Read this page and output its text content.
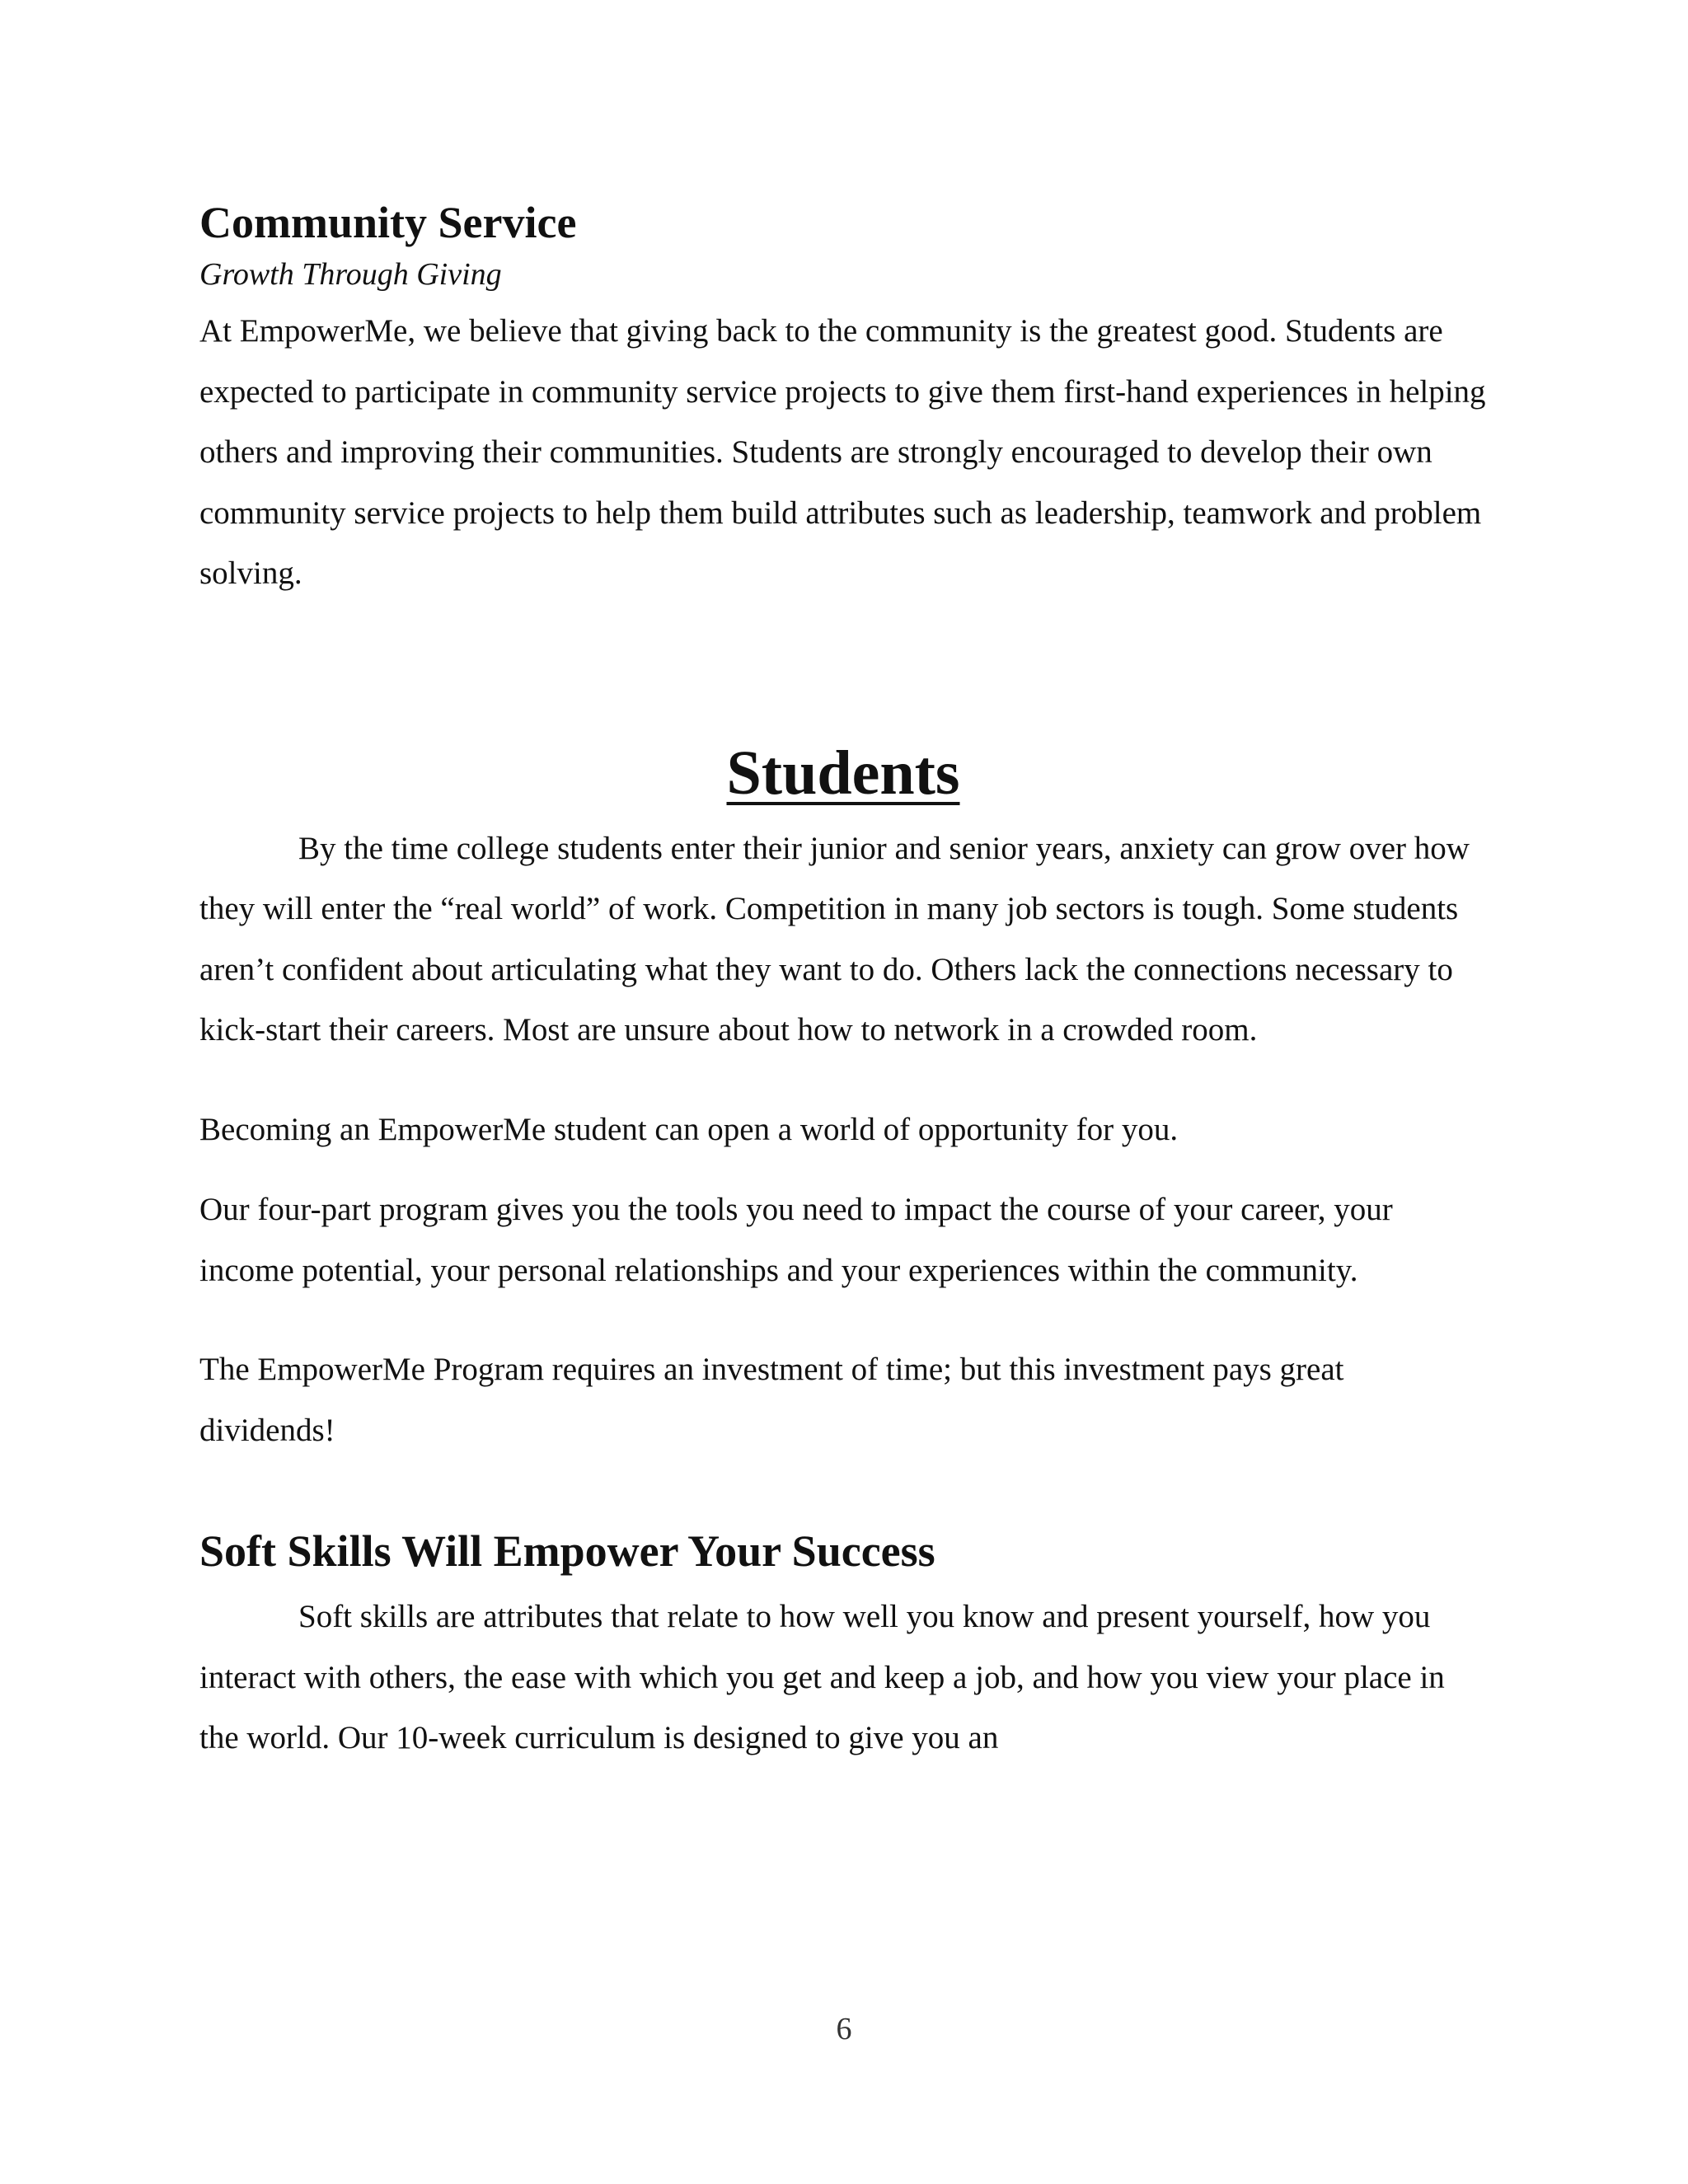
Community Service

Growth Through Giving

At EmpowerMe, we believe that giving back to the community is the greatest good. Students are expected to participate in community service projects to give them first-hand experiences in helping others and improving their communities. Students are strongly encouraged to develop their own community service projects to help them build attributes such as leadership, teamwork and problem solving.

Students

By the time college students enter their junior and senior years, anxiety can grow over how they will enter the “real world” of work. Competition in many job sectors is tough. Some students aren’t confident about articulating what they want to do. Others lack the connections necessary to kick-start their careers. Most are unsure about how to network in a crowded room.

Becoming an EmpowerMe student can open a world of opportunity for you.

Our four-part program gives you the tools you need to impact the course of your career, your income potential, your personal relationships and your experiences within the community.

The EmpowerMe Program requires an investment of time; but this investment pays great dividends!

Soft Skills Will Empower Your Success

Soft skills are attributes that relate to how well you know and present yourself, how you interact with others, the ease with which you get and keep a job, and how you view your place in the world. Our 10-week curriculum is designed to give you an

6
